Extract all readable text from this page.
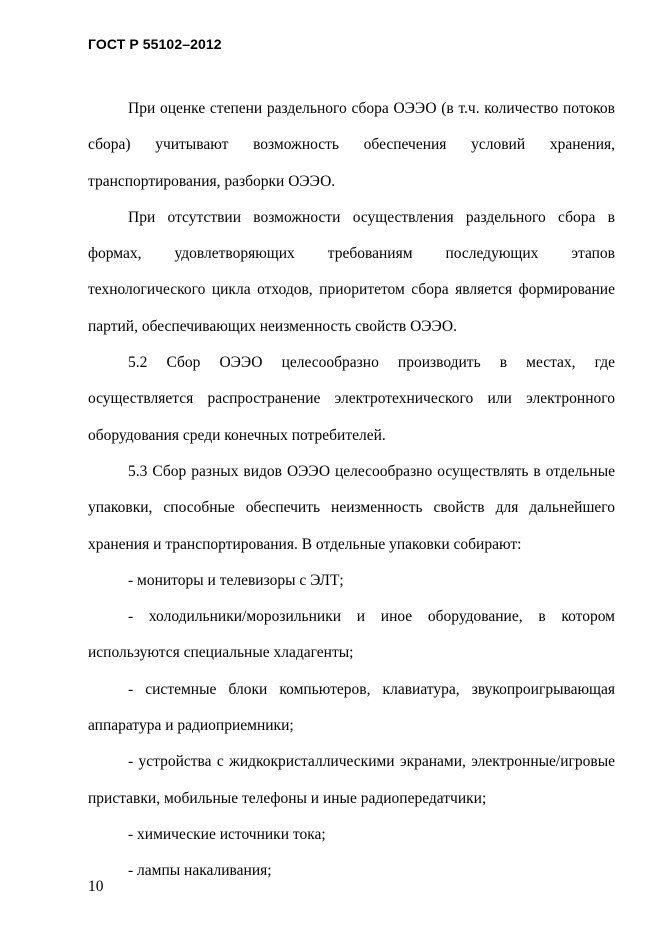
ГОСТ Р 55102–2012

При оценке степени раздельного сбора ОЭЭО (в т.ч. количество потоков сбора) учитывают возможность обеспечения условий хранения, транспортирования, разборки ОЭЭО.

При отсутствии возможности осуществления раздельного сбора в формах, удовлетворяющих требованиям последующих этапов технологического цикла отходов, приоритетом сбора является формирование партий, обеспечивающих неизменность свойств ОЭЭО.

5.2 Сбор ОЭЭО целесообразно производить в местах, где осуществляется распространение электротехнического или электронного оборудования среди конечных потребителей.

5.3 Сбор разных видов ОЭЭО целесообразно осуществлять в отдельные упаковки, способные обеспечить неизменность свойств для дальнейшего хранения и транспортирования. В отдельные упаковки собирают:

- мониторы и телевизоры с ЭЛТ;

- холодильники/морозильники и иное оборудование, в котором используются специальные хладагенты;

- системные блоки компьютеров, клавиатура, звукопроигрывающая аппаратура и радиоприемники;

- устройства с жидкокристаллическими экранами, электронные/игровые приставки, мобильные телефоны и иные радиопередатчики;

- химические источники тока;

- лампы накаливания;

10
